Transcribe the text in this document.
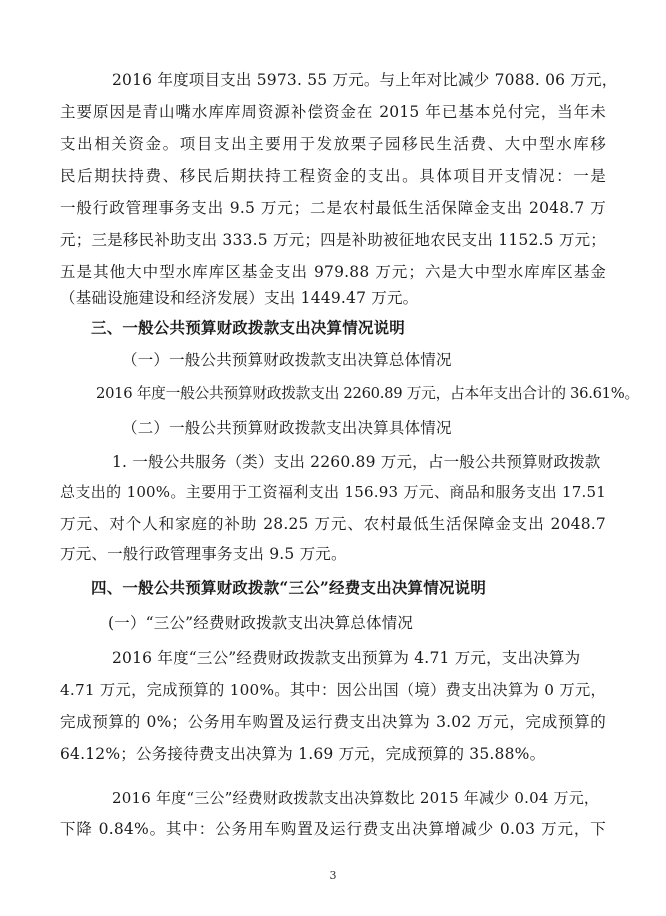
2016 年度项目支出 5973. 55 万元。与上年对比减少 7088. 06 万元，
主要原因是青山嘴水库库周资源补偿资金在 2015 年已基本兑付完，当年未
支出相关资金。项目支出主要用于发放栗子园移民生活费、大中型水库移
民后期扶持费、移民后期扶持工程资金的支出。具体项目开支情况：一是
一般行政管理事务支出 9.5 万元；二是农村最低生活保障金支出 2048.7 万
元；三是移民补助支出 333.5 万元；四是补助被征地农民支出 1152.5 万元；
五是其他大中型水库库区基金支出 979.88 万元；六是大中型水库库区基金
（基础设施建设和经济发展）支出 1449.47 万元。
三、一般公共预算财政拨款支出决算情况说明
（一）一般公共预算财政拨款支出决算总体情况
2016 年度一般公共预算财政拨款支出 2260.89 万元，占本年支出合计的 36.61%。
（二）一般公共预算财政拨款支出决算具体情况
1. 一般公共服务（类）支出 2260.89 万元，占一般公共预算财政拨款
总支出的 100%。主要用于工资福利支出 156.93 万元、商品和服务支出 17.51
万元、对个人和家庭的补助 28.25 万元、农村最低生活保障金支出 2048.7
万元、一般行政管理事务支出 9.5 万元。
四、一般公共预算财政拨款“三公”经费支出决算情况说明
(一）“三公”经费财政拨款支出决算总体情况
2016 年度“三公”经费财政拨款支出预算为 4.71 万元，支出决算为
4.71 万元，完成预算的 100%。其中：因公出国（境）费支出决算为 0 万元，
完成预算的 0%；公务用车购置及运行费支出决算为 3.02 万元，完成预算的
64.12%；公务接待费支出决算为 1.69 万元，完成预算的 35.88%。
2016 年度“三公”经费财政拨款支出决算数比 2015 年减少 0.04 万元，
下降 0.84%。其中：公务用车购置及运行费支出决算增减少 0.03 万元，下
3
